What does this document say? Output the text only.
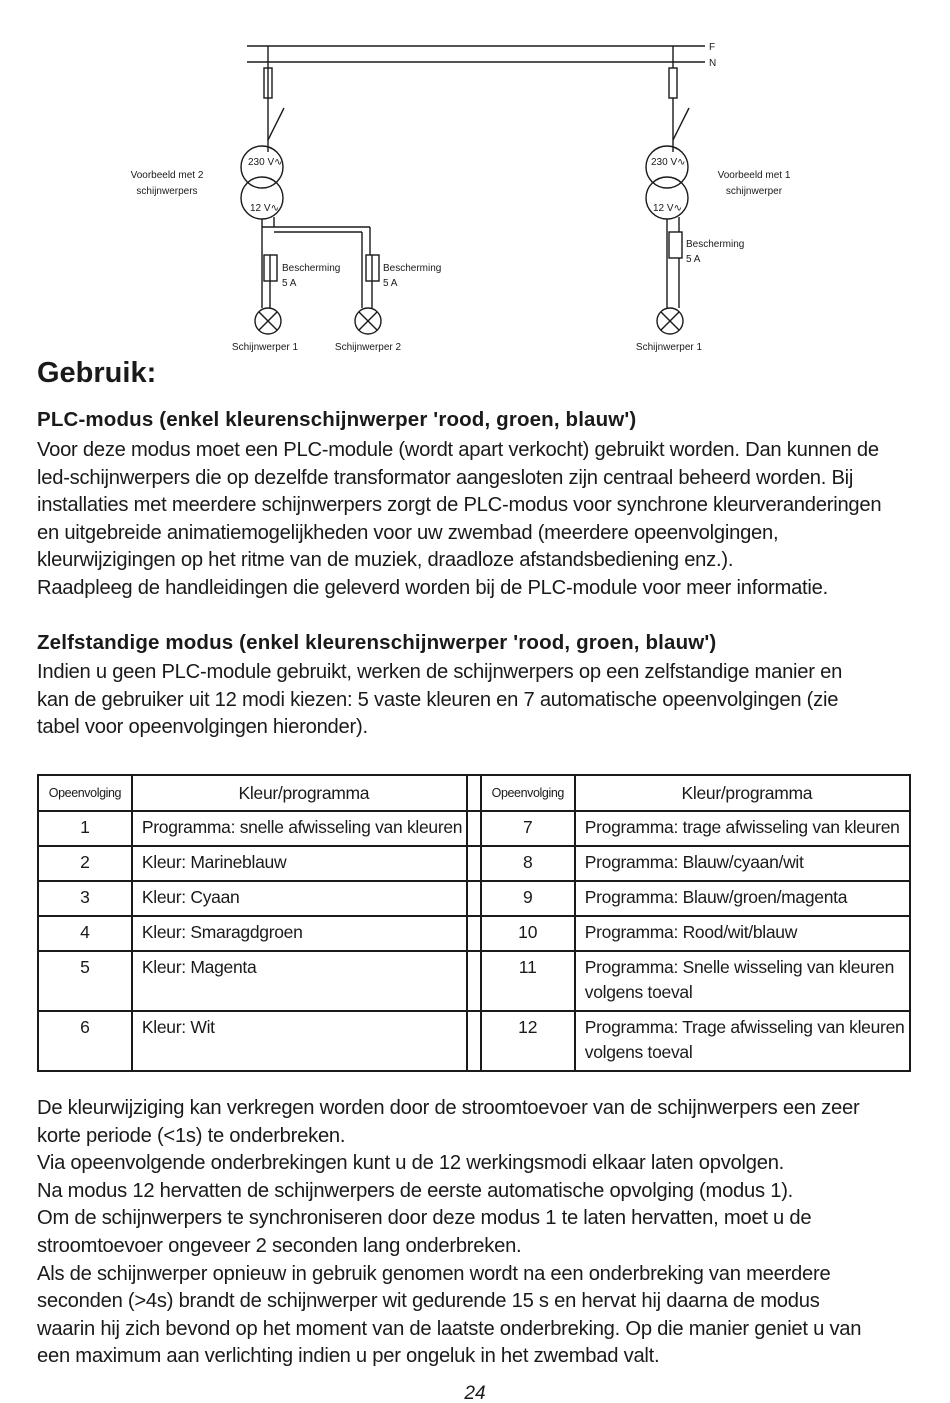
F
N
Voorbeeld met 2
schijnwerpers
Voorbeeld met 1
schijnwerper
230 V∿
12 V∿
230 V∿
12 V∿
Bescherming
5 A
Bescherming
5 A
Bescherming
5 A
Schijnwerper 1	Schijnwerper 2	Schijnwerper 1
Gebruik:
PLC-modus (enkel kleurenschijnwerper 'rood, groen, blauw')

Voor deze modus moet een PLC-module (wordt apart verkocht) gebruikt worden. Dan kunnen de

led-schijnwerpers die op dezelfde transformator aangesloten zijn centraal beheerd worden. Bij

installaties met meerdere schijnwerpers zorgt de PLC-modus voor synchrone kleurveranderingen

en uitgebreide animatiemogelijkheden voor uw zwembad (meerdere opeenvolgingen,

kleurwijzigingen op het ritme van de muziek, draadloze afstandsbediening enz.).

Raadpleeg de handleidingen die geleverd worden bij de PLC-module voor meer informatie.

Zelfstandige modus (enkel kleurenschijnwerper 'rood, groen, blauw')

Indien u geen PLC-module gebruikt, werken de schijnwerpers op een zelfstandige manier en

kan de gebruiker uit 12 modi kiezen: 5 vaste kleuren en 7 automatische opeenvolgingen (zie

tabel voor opeenvolgingen hieronder).

Opeenvolging	Kleur/programma		Opeenvolging	Kleur/programma
1	Programma: snelle afwisseling van kleuren		7	Programma: trage afwisseling van kleuren
2	Kleur: Marineblauw		8	Programma: Blauw/cyaan/wit
3	Kleur: Cyaan		9	Programma: Blauw/groen/magenta
4	Kleur: Smaragdgroen		10	Programma: Rood/wit/blauw
5	Kleur: Magenta		11	Programma: Snelle wisseling van kleuren
volgens toeval

6	Kleur: Wit		12	Programma: Trage afwisseling van kleuren
volgens toeval

De kleurwijziging kan verkregen worden door de stroomtoevoer van de schijnwerpers een zeer

korte periode (<1s) te onderbreken.

Via opeenvolgende onderbrekingen kunt u de 12 werkingsmodi elkaar laten opvolgen.

Na modus 12 hervatten de schijnwerpers de eerste automatische opvolging (modus 1).

Om de schijnwerpers te synchroniseren door deze modus 1 te laten hervatten, moet u de

stroomtoevoer ongeveer 2 seconden lang onderbreken.

Als de schijnwerper opnieuw in gebruik genomen wordt na een onderbreking van meerdere

seconden (>4s) brandt de schijnwerper wit gedurende 15 s en hervat hij daarna de modus

waarin hij zich bevond op het moment van de laatste onderbreking. Op die manier geniet u van

een maximum aan verlichting indien u per ongeluk in het zwembad valt.

24
